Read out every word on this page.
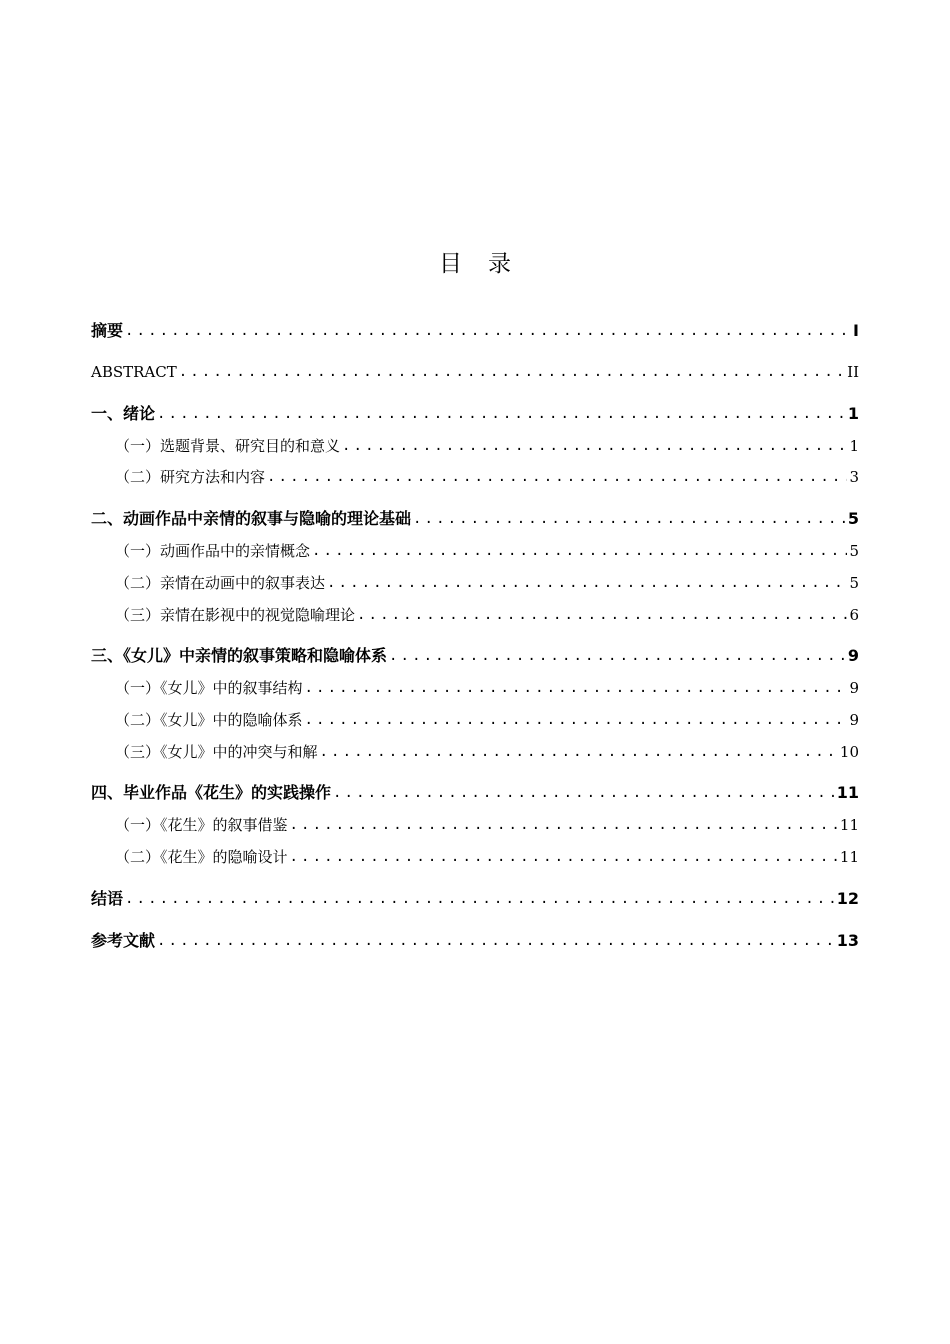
目 录
摘要 .....	I
ABSTRACT .....	II
一、绪论 .....	1
（一）选题背景、研究目的和意义 .....	1
（二）研究方法和内容 .....	3
二、动画作品中亲情的叙事与隐喻的理论基础 .....	5
（一）动画作品中的亲情概念 .....	5
（二）亲情在动画中的叙事表达 .....	5
（三）亲情在影视中的视觉隐喻理论 .....	6
三、《女儿》中亲情的叙事策略和隐喻体系 .....	9
（一）《女儿》中的叙事结构 .....	9
（二）《女儿》中的隐喻体系 .....	9
（三）《女儿》中的冲突与和解 .....	10
四、毕业作品《花生》的实践操作 .....	11
（一）《花生》的叙事借鉴 .....	11
（二）《花生》的隐喻设计 .....	11
结语 .....	12
参考文献 .....	13
